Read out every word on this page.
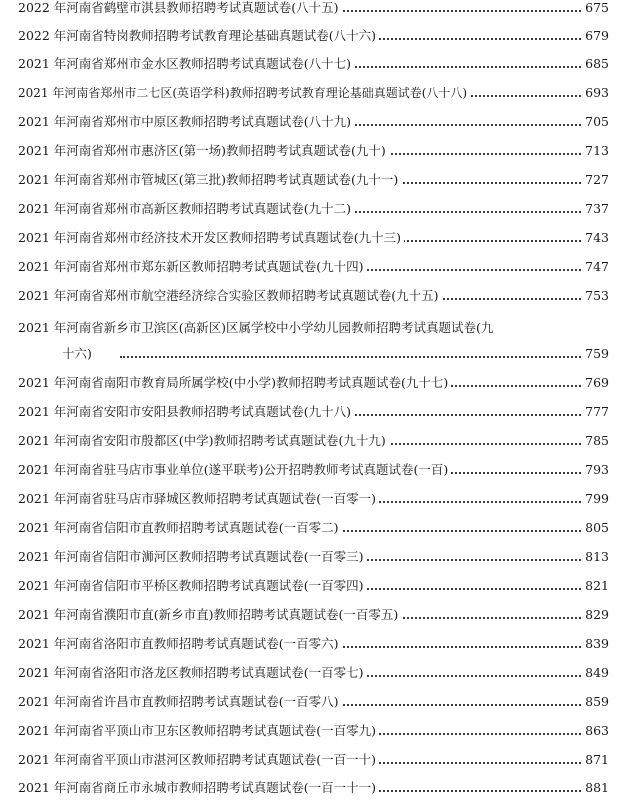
2022 年河南省鹤壁市淇县教师招聘考试真题试卷(八十五)	675
2022 年河南省特岗教师招聘考试教育理论基础真题试卷(八十六)	679
2021 年河南省郑州市金水区教师招聘考试真题试卷(八十七)	685
2021 年河南省郑州市二七区(英语学科)教师招聘考试教育理论基础真题试卷(八十八)	693
2021 年河南省郑州市中原区教师招聘考试真题试卷(八十九)	705
2021 年河南省郑州市惠济区(第一场)教师招聘考试真题试卷(九十)	713
2021 年河南省郑州市管城区(第三批)教师招聘考试真题试卷(九十一)	727
2021 年河南省郑州市高新区教师招聘考试真题试卷(九十二)	737
2021 年河南省郑州市经济技术开发区教师招聘考试真题试卷(九十三)	743
2021 年河南省郑州市郑东新区教师招聘考试真题试卷(九十四)	747
2021 年河南省郑州市航空港经济综合实验区教师招聘考试真题试卷(九十五)	753
2021 年河南省新乡市卫滨区(高新区)区属学校中小学幼儿园教师招聘考试真题试卷(九
十六)	759
2021 年河南省南阳市教育局所属学校(中小学)教师招聘考试真题试卷(九十七)	769
2021 年河南省安阳市安阳县教师招聘考试真题试卷(九十八)	777
2021 年河南省安阳市殷都区(中学)教师招聘考试真题试卷(九十九)	785
2021 年河南省驻马店市事业单位(遂平联考)公开招聘教师考试真题试卷(一百)	793
2021 年河南省驻马店市驿城区教师招聘考试真题试卷(一百零一)	799
2021 年河南省信阳市直教师招聘考试真题试卷(一百零二)	805
2021 年河南省信阳市浉河区教师招聘考试真题试卷(一百零三)	813
2021 年河南省信阳市平桥区教师招聘考试真题试卷(一百零四)	821
2021 年河南省濮阳市直(新乡市直)教师招聘考试真题试卷(一百零五)	829
2021 年河南省洛阳市直教师招聘考试真题试卷(一百零六)	839
2021 年河南省洛阳市洛龙区教师招聘考试真题试卷(一百零七)	849
2021 年河南省许昌市直教师招聘考试真题试卷(一百零八)	859
2021 年河南省平顶山市卫东区教师招聘考试真题试卷(一百零九)	863
2021 年河南省平顶山市湛河区教师招聘考试真题试卷(一百一十)	871
2021 年河南省商丘市永城市教师招聘考试真题试卷(一百一十一)	881
